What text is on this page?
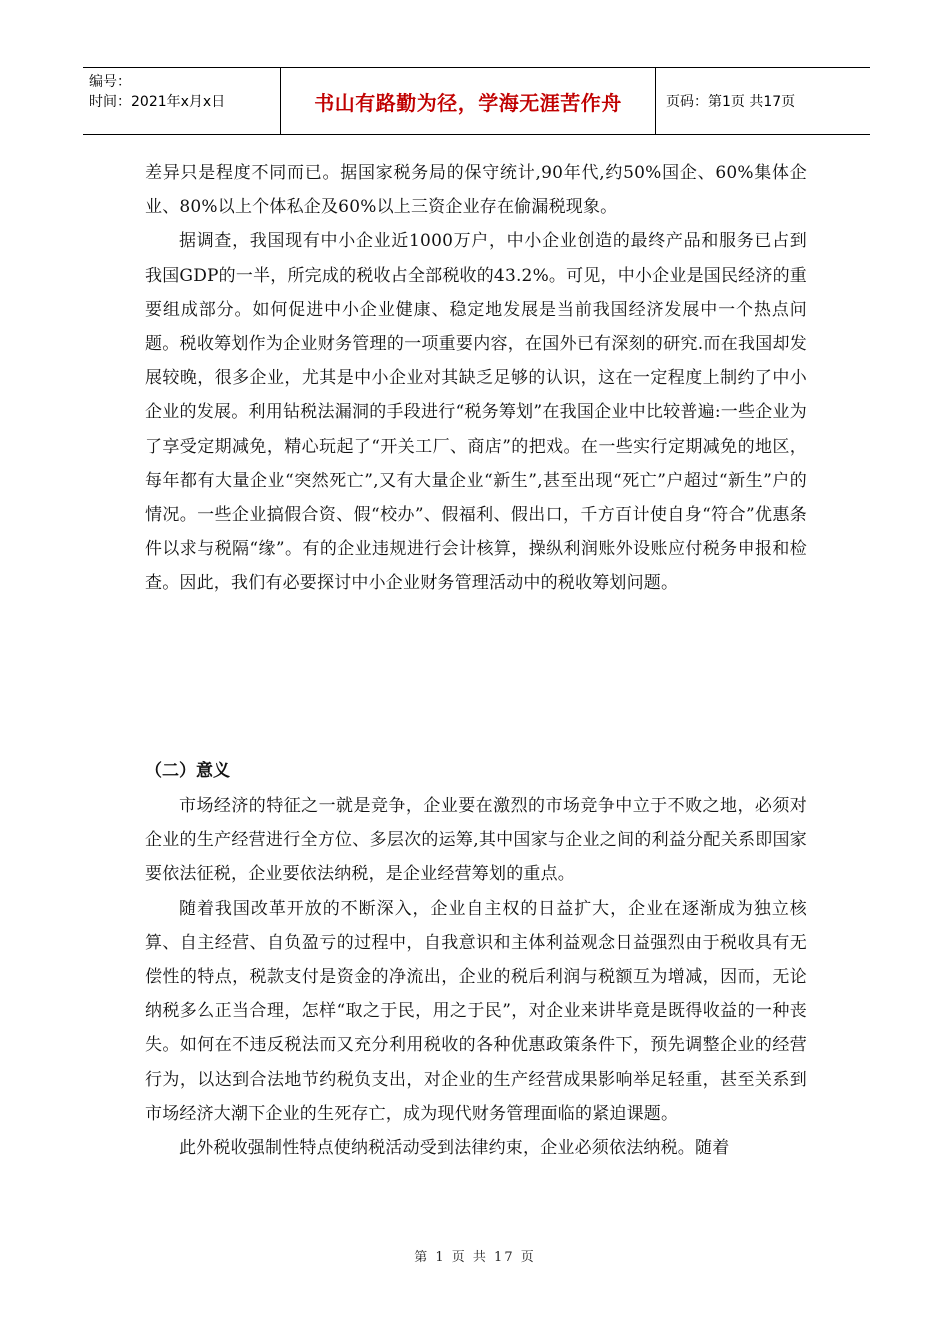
编号：
时间：2021年x月x日	书山有路勤为径，学海无涯苦作舟	页码：第1页 共17页

差异只是程度不同而已。据国家税务局的保守统计,90年代,约50%国企、60%集体企业、80%以上个体私企及60%以上三资企业存在偷漏税现象。

据调查，我国现有中小企业近1000万户，中小企业创造的最终产品和服务已占到我国GDP的一半，所完成的税收占全部税收的43.2%。可见，中小企业是国民经济的重要组成部分。如何促进中小企业健康、稳定地发展是当前我国经济发展中一个热点问题。税收筹划作为企业财务管理的一项重要内容，在国外已有深刻的研究.而在我国却发展较晚，很多企业，尤其是中小企业对其缺乏足够的认识，这在一定程度上制约了中小企业的发展。利用钻税法漏洞的手段进行“税务筹划”在我国企业中比较普遍:一些企业为了享受定期减免，精心玩起了“开关工厂、商店”的把戏。在一些实行定期减免的地区，每年都有大量企业“突然死亡”,又有大量企业“新生”,甚至出现“死亡”户超过“新生”户的情况。一些企业搞假合资、假“校办”、假福利、假出口，千方百计使自身“符合”优惠条件以求与税隔“缘”。有的企业违规进行会计核算，操纵利润账外设账应付税务申报和检查。因此，我们有必要探讨中小企业财务管理活动中的税收筹划问题。

（二）意义

市场经济的特征之一就是竞争，企业要在激烈的市场竞争中立于不败之地，必须对企业的生产经营进行全方位、多层次的运筹,其中国家与企业之间的利益分配关系即国家要依法征税，企业要依法纳税，是企业经营筹划的重点。

随着我国改革开放的不断深入，企业自主权的日益扩大，企业在逐渐成为独立核算、自主经营、自负盈亏的过程中，自我意识和主体利益观念日益强烈由于税收具有无偿性的特点，税款支付是资金的净流出，企业的税后利润与税额互为增减，因而，无论纳税多么正当合理，怎样“取之于民，用之于民”，对企业来讲毕竟是既得收益的一种丧失。如何在不违反税法而又充分利用税收的各种优惠政策条件下，预先调整企业的经营行为，以达到合法地节约税负支出，对企业的生产经营成果影响举足轻重，甚至关系到市场经济大潮下企业的生死存亡，成为现代财务管理面临的紧迫课题。

此外税收强制性特点使纳税活动受到法律约束，企业必须依法纳税。随着

第 1 页 共 17 页
